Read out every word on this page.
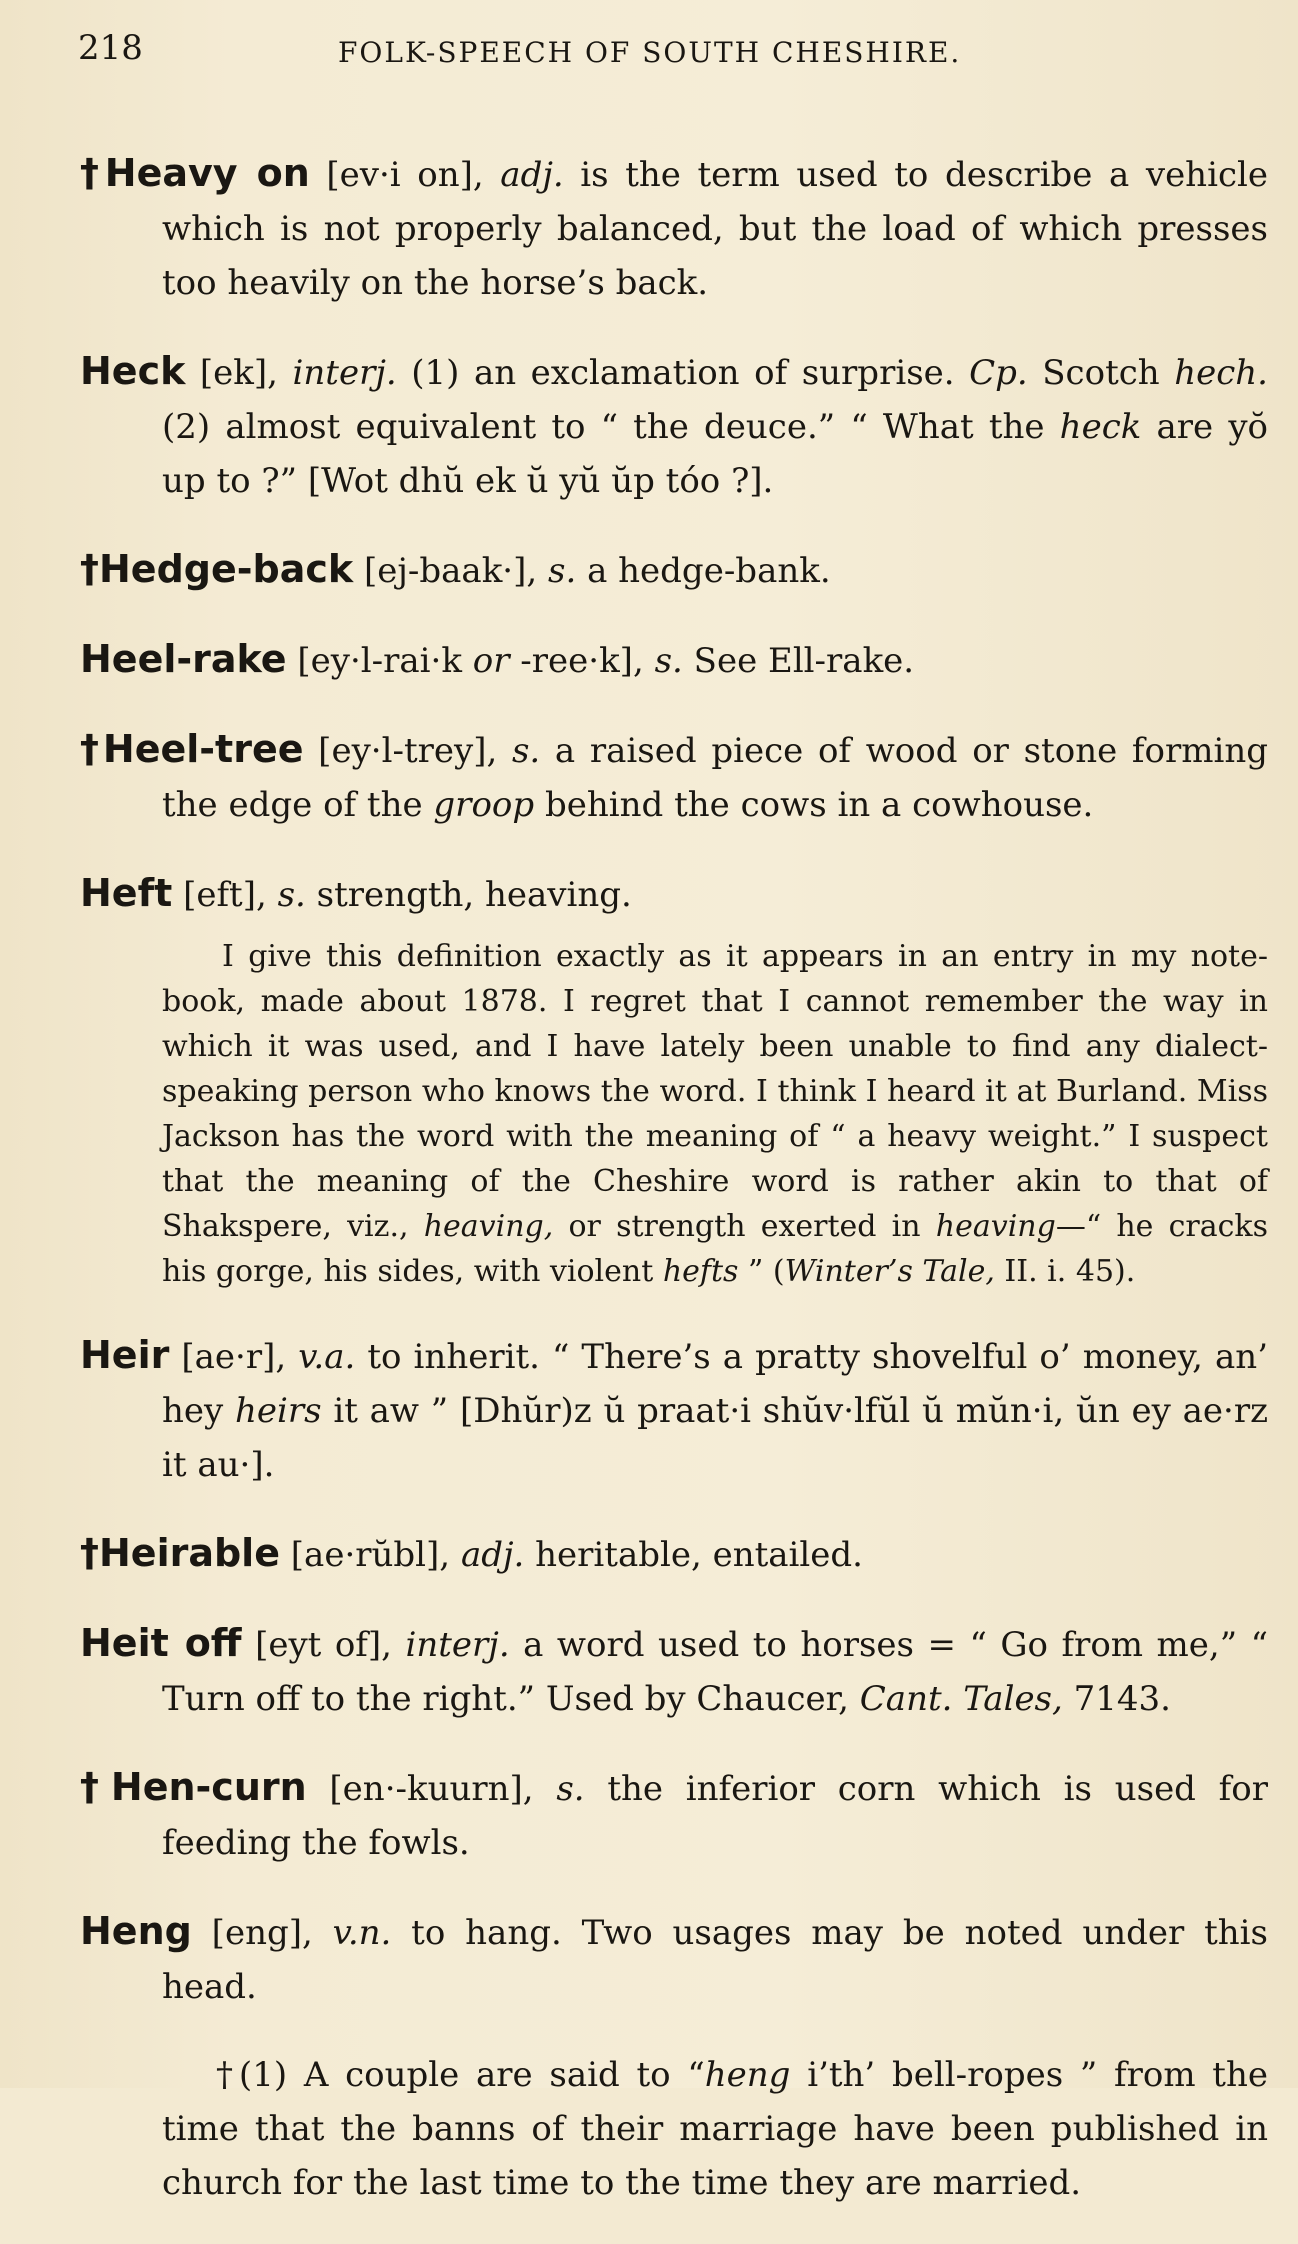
218	FOLK-SPEECH OF SOUTH CHESHIRE.

†Heavy on [ev·i on], adj. is the term used to describe a vehicle which is not properly balanced, but the load of which presses too heavily on the horse’s back.

Heck [ek], interj. (1) an exclamation of surprise. Cp. Scotch hech. (2) almost equivalent to “ the deuce.” “ What the heck are yŏ up to ?” [Wot dhŭ ek ŭ yŭ ŭp tóo ?].

†Hedge-back [ej-baak·], s. a hedge-bank.

Heel-rake [ey·l-rai·k or -ree·k], s. See Ell-rake.

†Heel-tree [ey·l-trey], s. a raised piece of wood or stone forming the edge of the groop behind the cows in a cowhouse.

Heft [eft], s. strength, heaving.

I give this definition exactly as it appears in an entry in my note-book, made about 1878. I regret that I cannot remember the way in which it was used, and I have lately been unable to find any dialect-speaking person who knows the word. I think I heard it at Burland. Miss Jackson has the word with the meaning of “ a heavy weight.” I suspect that the meaning of the Cheshire word is rather akin to that of Shakspere, viz., heaving, or strength exerted in heaving—“ he cracks his gorge, his sides, with violent hefts ” (Winter’s Tale, II. i. 45).

Heir [ae·r], v.a. to inherit. “ There’s a pratty shovelful o’ money, an’ hey heirs it aw ” [Dhŭr)z ŭ praat·i shŭv·lfŭl ŭ mŭn·i, ŭn ey ae·rz it au·].

†Heirable [ae·rŭbl], adj. heritable, entailed.

Heit off [eyt of], interj. a word used to horses = “ Go from me,” “ Turn off to the right.” Used by Chaucer, Cant. Tales, 7143.

†Hen-curn [en·-kuurn], s. the inferior corn which is used for feeding the fowls.

Heng [eng], v.n. to hang. Two usages may be noted under this head.

†(1) A couple are said to “heng i’th’ bell-ropes ” from the time that the banns of their marriage have been published in church for the last time to the time they are married.
